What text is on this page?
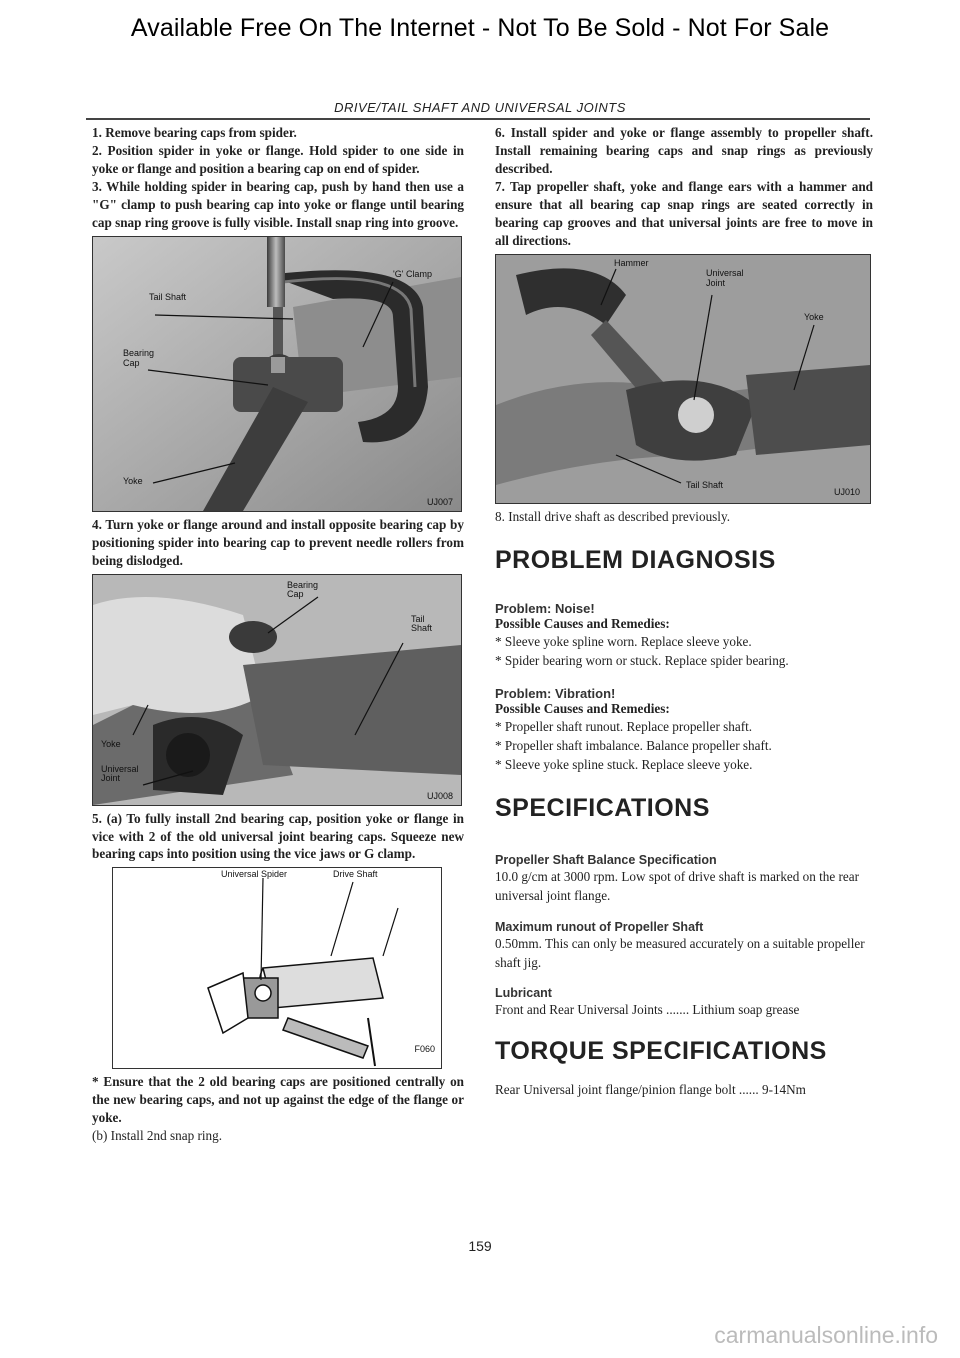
Available Free On The Internet - Not To Be Sold - Not For Sale
DRIVE/TAIL SHAFT AND UNIVERSAL JOINTS

1. Remove bearing caps from spider.

2. Position spider in yoke or flange. Hold spider to one side in yoke or flange and position a bearing cap on end of spider.

3. While holding spider in bearing cap, push by hand then use a "G" clamp to push bearing cap into yoke or flange until bearing cap snap ring groove is fully visible. Install snap ring into groove.

'G' Clamp
Tail Shaft
Bearing Cap
Yoke
UJ007

4. Turn yoke or flange around and install opposite bearing cap by positioning spider into bearing cap to prevent needle rollers from being dislodged.

Bearing Cap
Tail Shaft
Yoke
Universal Joint
UJ008

5. (a) To fully install 2nd bearing cap, position yoke or flange in vice with 2 of the old universal joint bearing caps. Squeeze new bearing caps into position using the vice jaws or G clamp.

Universal Spider	Drive Shaft
F060

* Ensure that the 2 old bearing caps are positioned centrally on the new bearing caps, and not up against the edge of the flange or yoke.

(b) Install 2nd snap ring.

6. Install spider and yoke or flange assembly to propeller shaft. Install remaining bearing caps and snap rings as previously described.

7. Tap propeller shaft, yoke and flange ears with a hammer and ensure that all bearing cap snap rings are seated correctly in bearing cap grooves and that universal joints are free to move in all directions.

Hammer
Universal Joint
Yoke
Tail Shaft
UJ010

8. Install drive shaft as described previously.

PROBLEM DIAGNOSIS

Problem: Noise!

Possible Causes and Remedies:

* Sleeve yoke spline worn. Replace sleeve yoke.

* Spider bearing worn or stuck. Replace spider bearing.

Problem: Vibration!

Possible Causes and Remedies:

* Propeller shaft runout. Replace propeller shaft.

* Propeller shaft imbalance. Balance propeller shaft.

* Sleeve yoke spline stuck. Replace sleeve yoke.

SPECIFICATIONS

Propeller Shaft Balance Specification

10.0 g/cm at 3000 rpm. Low spot of drive shaft is marked on the rear universal joint flange.

Maximum runout of Propeller Shaft

0.50mm. This can only be measured accurately on a suitable propeller shaft jig.

Lubricant

Front and Rear Universal Joints ....... Lithium soap grease

TORQUE SPECIFICATIONS

Rear Universal joint flange/pinion flange bolt ...... 9-14Nm

159
carmanualsonline.info
